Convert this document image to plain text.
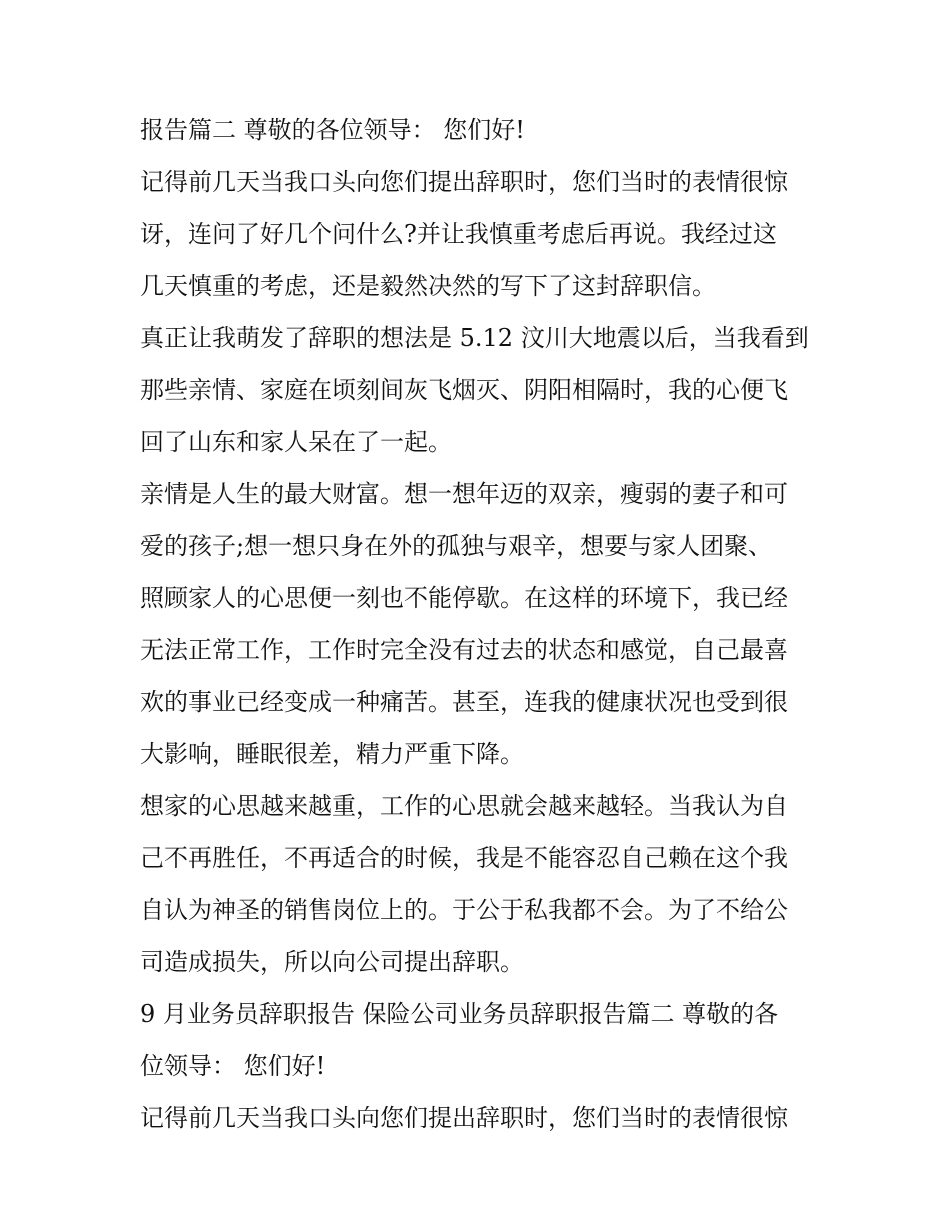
报告篇二 尊敬的各位领导： 您们好!

记得前几天当我口头向您们提出辞职时，您们当时的表情很惊
讶，连问了好几个问什么?并让我慎重考虑后再说。我经过这
几天慎重的考虑，还是毅然决然的写下了这封辞职信。

真正让我萌发了辞职的想法是 5.12 汶川大地震以后，当我看到
那些亲情、家庭在顷刻间灰飞烟灭、阴阳相隔时，我的心便飞
回了山东和家人呆在了一起。

亲情是人生的最大财富。想一想年迈的双亲，瘦弱的妻子和可
爱的孩子;想一想只身在外的孤独与艰辛，想要与家人团聚、
照顾家人的心思便一刻也不能停歇。在这样的环境下，我已经
无法正常工作，工作时完全没有过去的状态和感觉，自己最喜
欢的事业已经变成一种痛苦。甚至，连我的健康状况也受到很
大影响，睡眠很差，精力严重下降。

想家的心思越来越重，工作的心思就会越来越轻。当我认为自
己不再胜任，不再适合的时候，我是不能容忍自己赖在这个我
自认为神圣的销售岗位上的。于公于私我都不会。为了不给公
司造成损失，所以向公司提出辞职。

9 月业务员辞职报告 保险公司业务员辞职报告篇二 尊敬的各
位领导： 您们好!

记得前几天当我口头向您们提出辞职时，您们当时的表情很惊
